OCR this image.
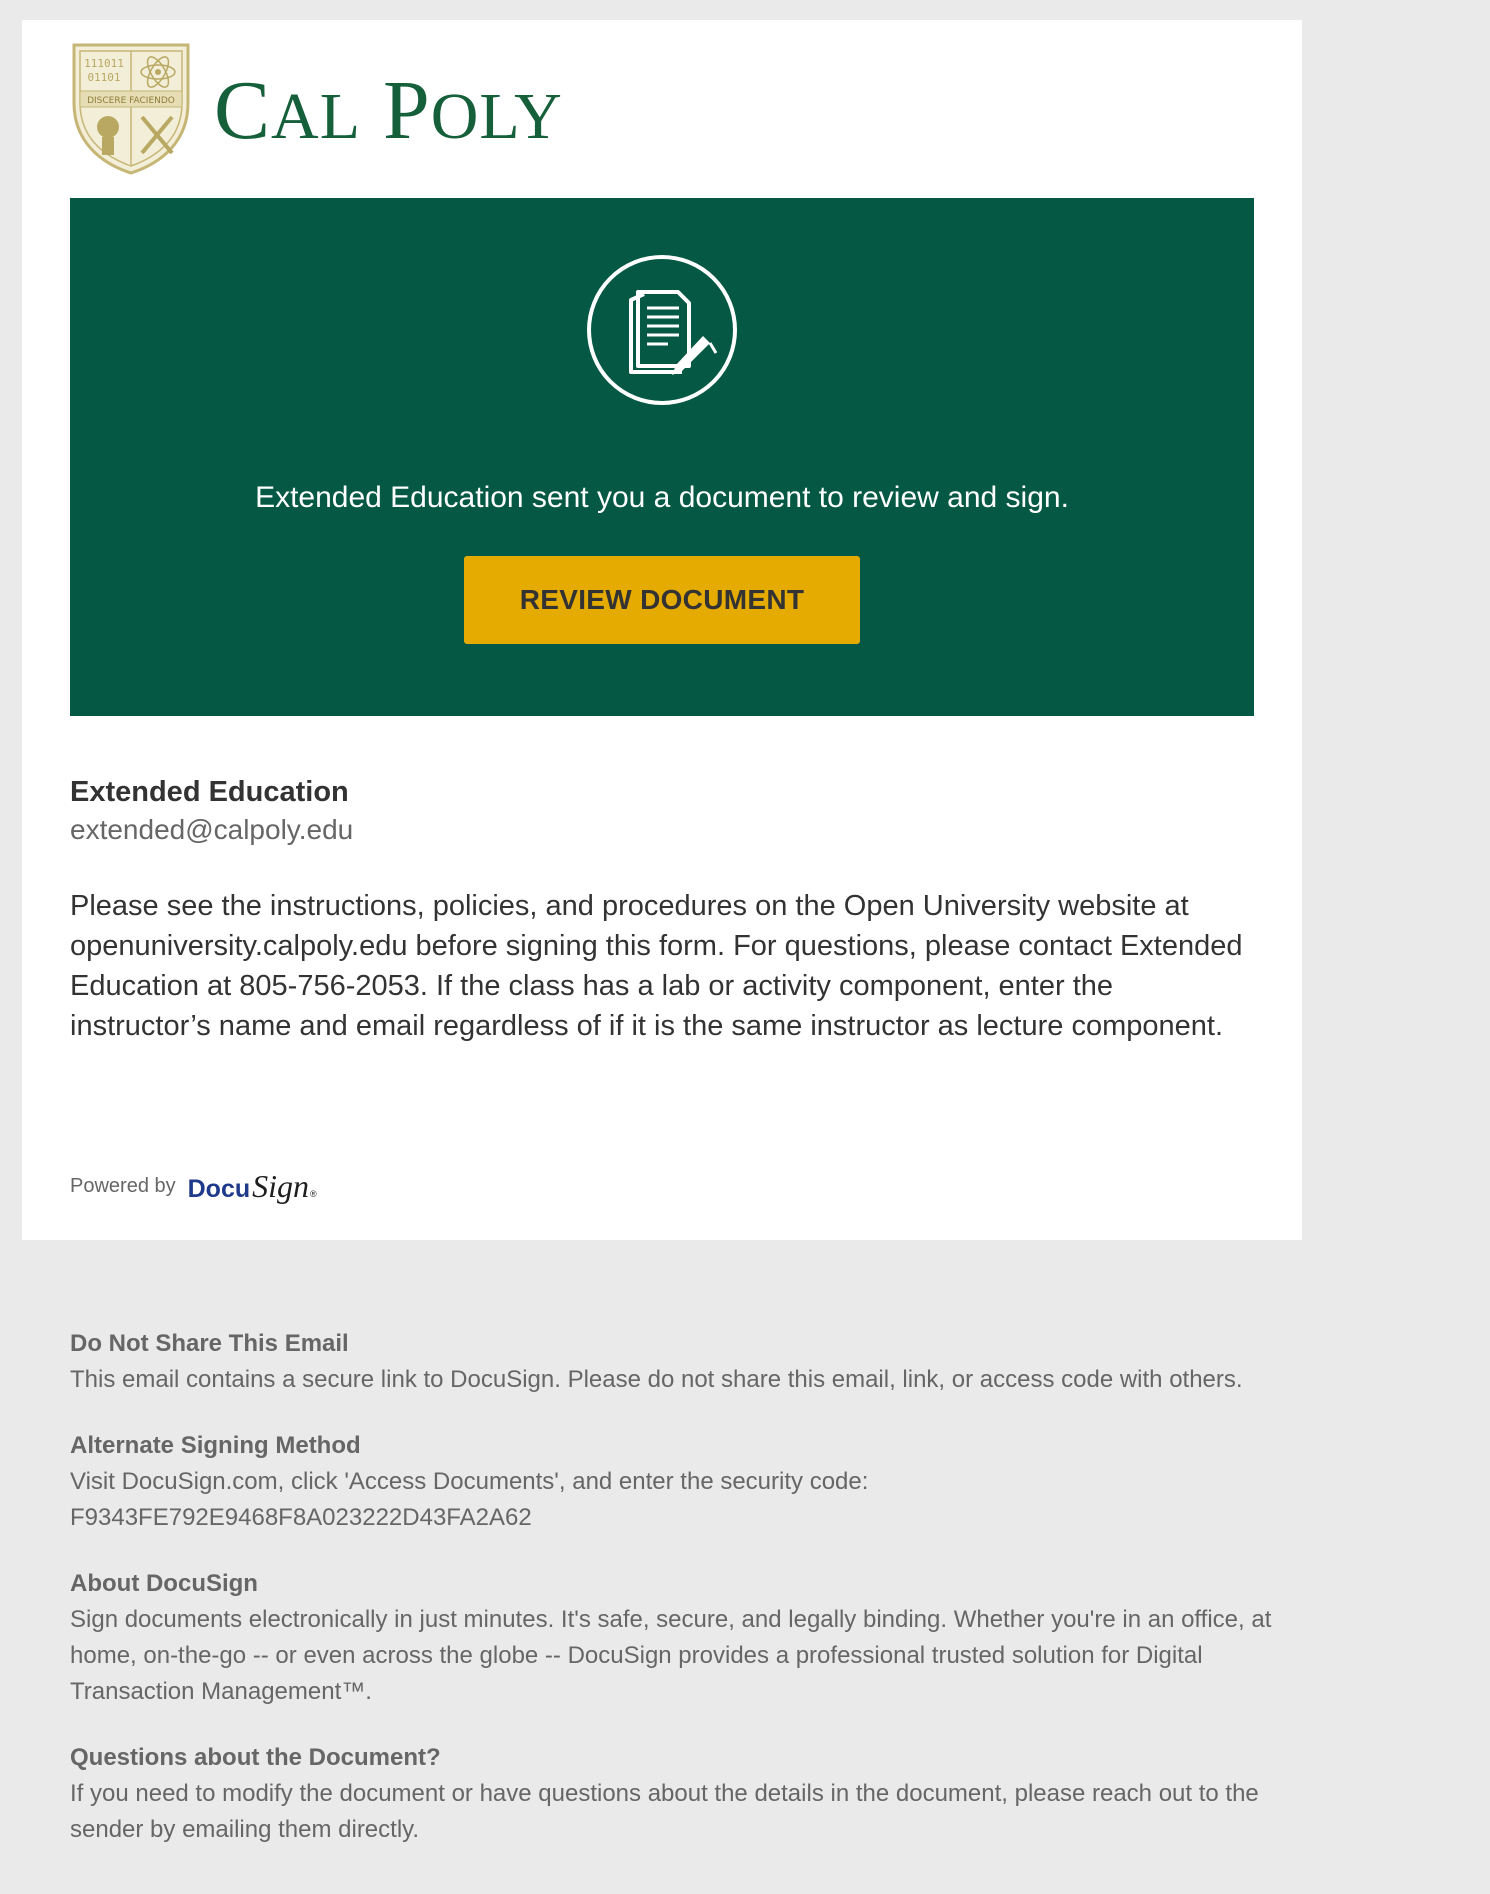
111011
01101
DISCERE FACIENDO CAL POLY
Extended Education sent you a document to review and sign.
REVIEW DOCUMENT
Extended Education
extended@calpoly.edu
Please see the instructions, policies, and procedures on the Open University website at openuniversity.calpoly.edu before signing this form. For questions, please contact Extended Education at 805-756-2053. If the class has a lab or activity component, enter the instructor’s name and email regardless of if it is the same instructor as lecture component.
Powered by Docu Sign ®
Do Not Share This Email
This email contains a secure link to DocuSign. Please do not share this email, link, or access code with others.
Alternate Signing Method
Visit DocuSign.com, click 'Access Documents', and enter the security code:
F9343FE792E9468F8A023222D43FA2A62
About DocuSign
Sign documents electronically in just minutes. It's safe, secure, and legally binding. Whether you're in an office, at home, on-the-go -- or even across the globe -- DocuSign provides a professional trusted solution for Digital Transaction Management™.
Questions about the Document?
If you need to modify the document or have questions about the details in the document, please reach out to the sender by emailing them directly.
